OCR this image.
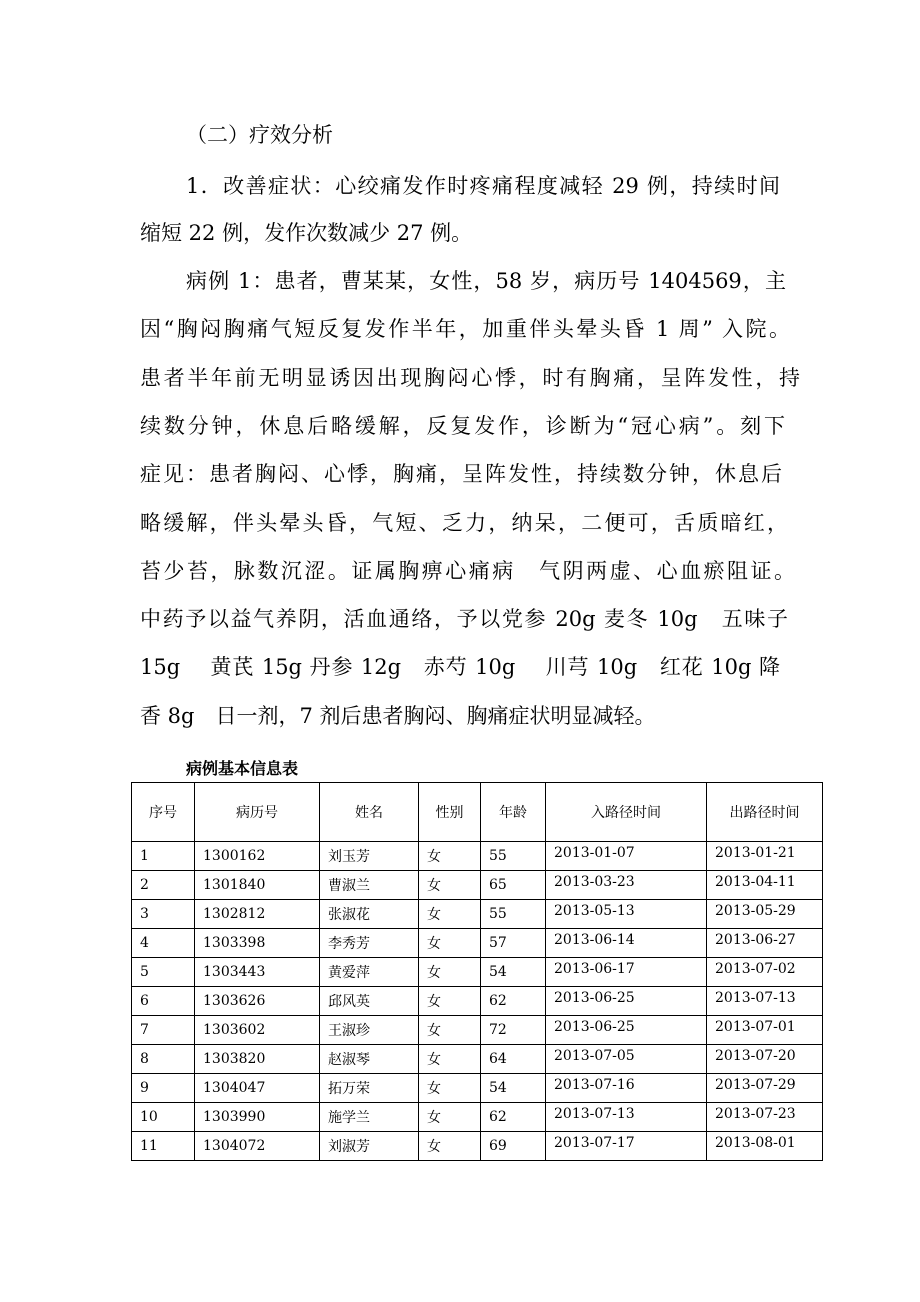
（二）疗效分析
1．改善症状：心绞痛发作时疼痛程度减轻 29 例，持续时间
缩短 22 例，发作次数减少 27 例。
病例 1：患者，曹某某，女性，58 岁，病历号 1404569，主
因“胸闷胸痛气短反复发作半年，加重伴头晕头昏 1 周” 入院。
患者半年前无明显诱因出现胸闷心悸，时有胸痛，呈阵发性，持
续数分钟，休息后略缓解，反复发作，诊断为“冠心病”。刻下
症见：患者胸闷、心悸，胸痛，呈阵发性，持续数分钟，休息后
略缓解，伴头晕头昏，气短、乏力，纳呆，二便可，舌质暗红，
苔少苔，脉数沉涩。证属胸痹心痛病　气阴两虚、心血瘀阻证。
中药予以益气养阴，活血通络，予以党参 20g 麦冬 10g　五味子
15g　 黄芪 15g 丹参 12g　赤芍 10g　 川芎 10g　红花 10g 降
香 8g　日一剂，7 剂后患者胸闷、胸痛症状明显减轻。
病例基本信息表
序号	病历号	姓名	性别	年龄	入路径时间	出路径时间
1	1300162	刘玉芳	女	55	2013-01-07	2013-01-21
2	1301840	曹淑兰	女	65	2013-03-23	2013-04-11
3	1302812	张淑花	女	55	2013-05-13	2013-05-29
4	1303398	李秀芳	女	57	2013-06-14	2013-06-27
5	1303443	黄爱萍	女	54	2013-06-17	2013-07-02
6	1303626	邱风英	女	62	2013-06-25	2013-07-13
7	1303602	王淑珍	女	72	2013-06-25	2013-07-01
8	1303820	赵淑琴	女	64	2013-07-05	2013-07-20
9	1304047	拓万荣	女	54	2013-07-16	2013-07-29
10	1303990	施学兰	女	62	2013-07-13	2013-07-23
11	1304072	刘淑芳	女	69	2013-07-17	2013-08-01
